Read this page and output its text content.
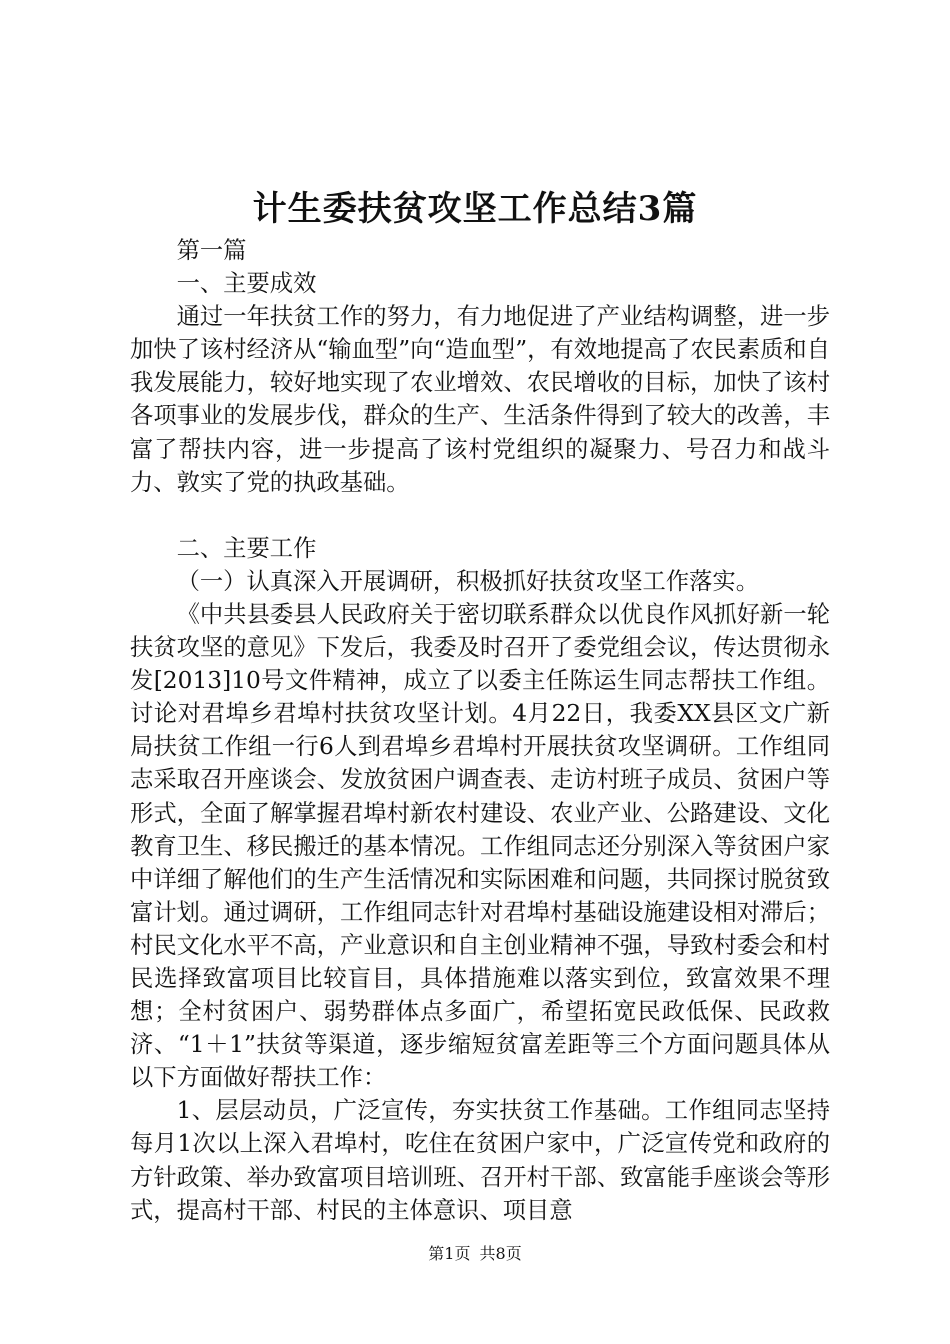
计生委扶贫攻坚工作总结3篇

第一篇

一、主要成效

通过一年扶贫工作的努力，有力地促进了产业结构调整，进一步加快了该村经济从“输血型”向“造血型”，有效地提高了农民素质和自我发展能力，较好地实现了农业增效、农民增收的目标，加快了该村各项事业的发展步伐，群众的生产、生活条件得到了较大的改善，丰富了帮扶内容，进一步提高了该村党组织的凝聚力、号召力和战斗力、敦实了党的执政基础。

二、主要工作

（一）认真深入开展调研，积极抓好扶贫攻坚工作落实。

《中共县委县人民政府关于密切联系群众以优良作风抓好新一轮扶贫攻坚的意见》下发后，我委及时召开了委党组会议，传达贯彻永发[2013]10号文件精神，成立了以委主任陈运生同志帮扶工作组。讨论对君埠乡君埠村扶贫攻坚计划。4月22日，我委XX县区文广新局扶贫工作组一行6人到君埠乡君埠村开展扶贫攻坚调研。工作组同志采取召开座谈会、发放贫困户调查表、走访村班子成员、贫困户等形式，全面了解掌握君埠村新农村建设、农业产业、公路建设、文化教育卫生、移民搬迁的基本情况。工作组同志还分别深入等贫困户家中详细了解他们的生产生活情况和实际困难和问题，共同探讨脱贫致富计划。通过调研，工作组同志针对君埠村基础设施建设相对滞后；村民文化水平不高，产业意识和自主创业精神不强，导致村委会和村民选择致富项目比较盲目，具体措施难以落实到位，致富效果不理想；全村贫困户、弱势群体点多面广，希望拓宽民政低保、民政救济、“1＋1”扶贫等渠道，逐步缩短贫富差距等三个方面问题具体从以下方面做好帮扶工作：

1、层层动员，广泛宣传，夯实扶贫工作基础。工作组同志坚持每月1次以上深入君埠村，吃住在贫困户家中，广泛宣传党和政府的方针政策、举办致富项目培训班、召开村干部、致富能手座谈会等形式，提高村干部、村民的主体意识、项目意

第1页 共8页
